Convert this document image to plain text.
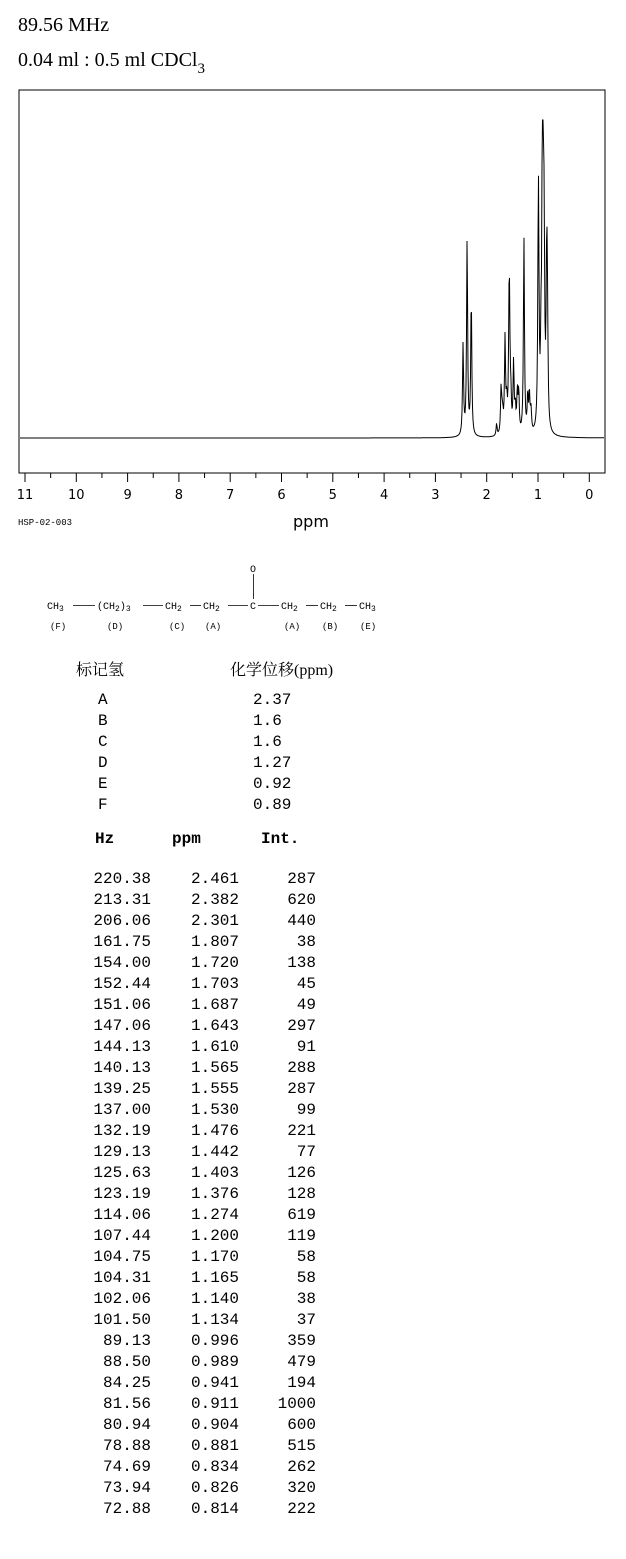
89.56 MHz
0.04 ml : 0.5 ml CDCl$_3$
11	10	9	8	7	6	5	4	3	2	1	0
HSP-02-003	ppm
O
$CH_3$	$(CH_2)_3$	$CH_2$ $CH_2$	C $CH_2$ $CH_2$ $CH_3$
(F)	(D)	(C) (A)	(A) (B) (E)
标记氢	化学位移(ppm)
A	2.37
B	1.6
C	1.6
D	1.27
E	0.92
F	0.89
Hz	ppm	Int.
220.38	2.461	287
213.31	2.382	620
206.06	2.301	440
161.75	1.807	38
154.00	1.720	138
152.44	1.703	45
151.06	1.687	49
147.06	1.643	297
144.13	1.610	91
140.13	1.565	288
139.25	1.555	287
137.00	1.530	99
132.19	1.476	221
129.13	1.442	77
125.63	1.403	126
123.19	1.376	128
114.06	1.274	619
107.44	1.200	119
104.75	1.170	58
104.31	1.165	58
102.06	1.140	38
101.50	1.134	37
89.13	0.996	359
88.50	0.989	479
84.25	0.941	194
81.56	0.911	1000
80.94	0.904	600
78.88	0.881	515
74.69	0.834	262
73.94	0.826	320
72.88	0.814	222
